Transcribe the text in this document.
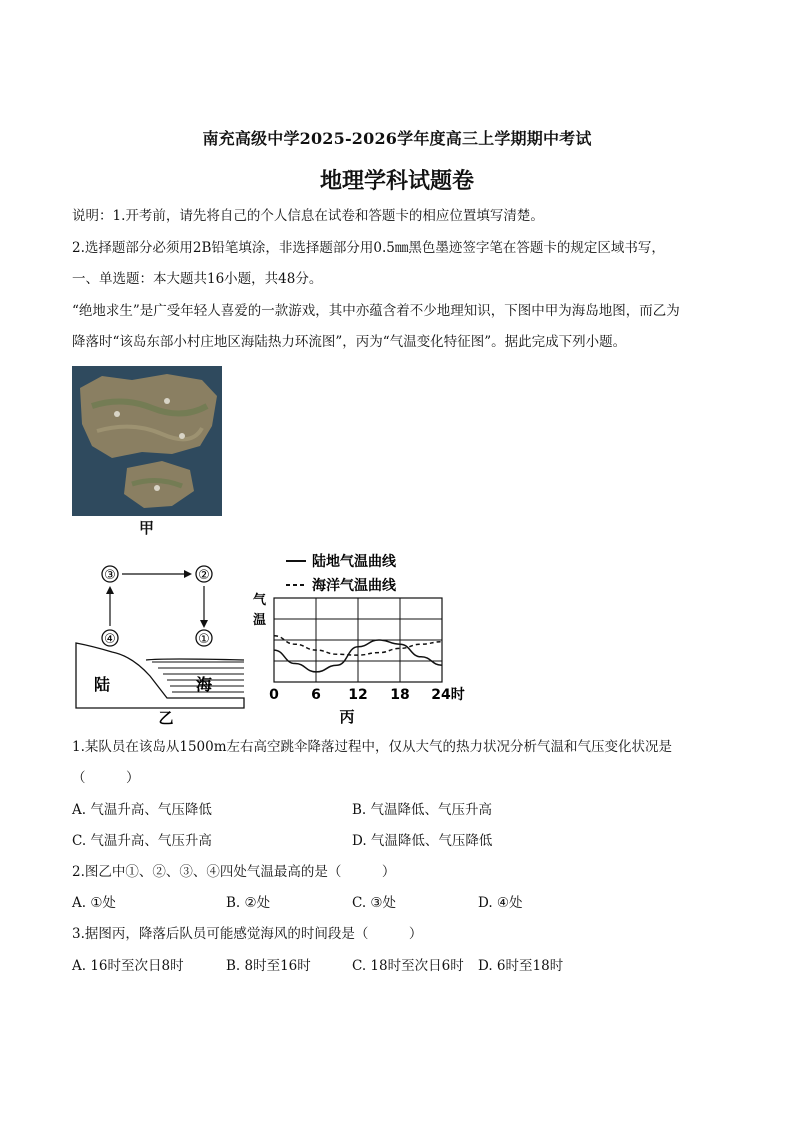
南充高级中学2025-2026学年度高三上学期期中考试
地理学科试题卷
说明：1.开考前，请先将自己的个人信息在试卷和答题卡的相应位置填写清楚。
2.选择题部分必须用2B铅笔填涂，非选择题部分用0.5㎜黑色墨迹签字笔在答题卡的规定区域书写，
一、单选题：本大题共16小题，共48分。
“绝地求生”是广受年轻人喜爱的一款游戏，其中亦蕴含着不少地理知识，下图中甲为海岛地图，而乙为
降落时“该岛东部小村庄地区海陆热力环流图”，丙为“气温变化特征图”。据此完成下列小题。
甲
③	②
①
④
陆	海
乙
陆地气温曲线
海洋气温曲线
气
温
0 6 12 18 24时
丙
1.某队员在该岛从1500m左右高空跳伞降落过程中，仅从大气的热力状况分析气温和气压变化状况是
（　　　）
A. 气温升高、气压降低	B. 气温降低、气压升高
C. 气温升高、气压升高	D. 气温降低、气压降低
2.图乙中①、②、③、④四处气温最高的是（　　　）
A. ①处	B. ②处	C. ③处	D. ④处
3.据图丙，降落后队员可能感觉海风的时间段是（　　　）
A. 16时至次日8时	B. 8时至16时	C. 18时至次日6时 D. 6时至18时
